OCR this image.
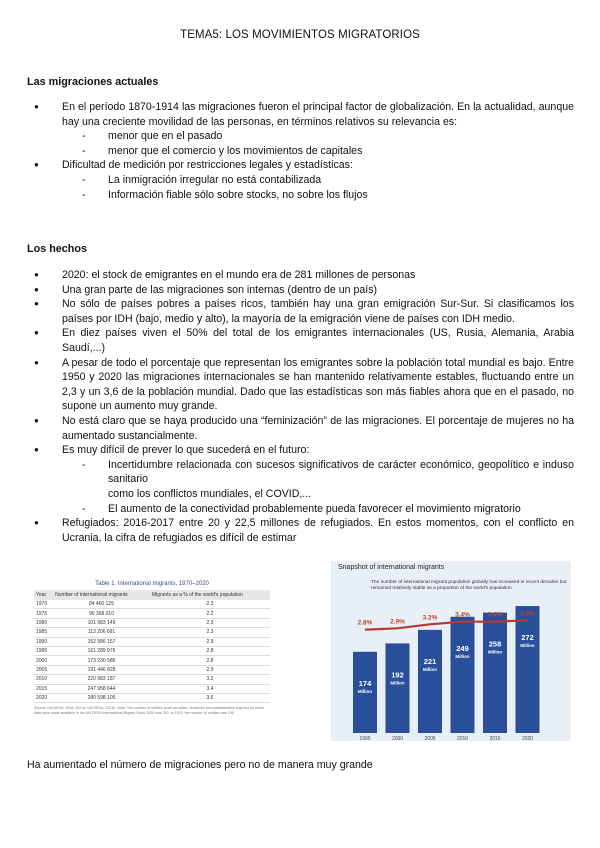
TEMA5: LOS MOVIMIENTOS MIGRATORIOS
Las migraciones actuales
● En el período 1870-1914 las migraciones fueron el principal factor de globalización. En la actualidad, aunque hay una creciente movilidad de las personas, en términos relativos su relevancia es:
- menor que en el pasado
- menor que el comercio y los movimientos de capitales
● Dificultad de medición por restricciones legales y estadísticas:
- La inmigración irregular no está contabilizada
- Información fiable sólo sobre stocks, no sobre los flujos
Los hechos
● 2020: el stock de emigrantes en el mundo era de 281 millones de personas
● Una gran parte de las migraciones son internas (dentro de un país)
● No sólo de países pobres a países ricos, también hay una gran emigración Sur-Sur. Si clasificamos los países por IDH (bajo, medio y alto), la mayoría de la emigración viene de países con IDH medio.
● En diez países viven el 50% del total de los emigrantes internacionales (US, Rusia, Alemania, Arabia Saudí,...)
● A pesar de todo el porcentaje que representan los emigrantes sobre la población total mundial es bajo. Entre 1950 y 2020 las migraciones internacionales se han mantenido relativamente estables, fluctuando entre un 2,3 y un 3,6 de la población mundial. Dado que las estadísticas son más fiables ahora que en el pasado, no supone un aumento muy grande.
● No está claro que se haya producido una “feminización” de las migraciones. El porcentaje de mujeres no ha aumentado sustancialmente.
● Es muy difícil de prever lo que sucederá en el futuro:
- Incertidumbre relacionada con sucesos significativos de carácter económico, geopolítico e induso sanitario
como los conflictos mundiales, el COVID,...
- El aumento de la conectividad probablemente pueda favorecer el movimiento migratorio
● Refugiados: 2016-2017 entre 20 y 22,5 millones de refugiados. En estos momentos, con el conflicto en Ucrania, la cifra de refugiados es difícil de estimar
Table 1. International migrants, 1970–2020
Year	Number of international migrants	Migrants as a % of the world's population
1970	84 460 125	2.3
1975	90 368 010	2.2
1980	101 983 149	2.3
1985	113 206 691	2.3
1990	152 986 157	2.9
1995	161 289 976	2.8
2000	173 230 585	2.8
2005	191 446 828	2.9
2010	220 983 187	3.2
2015	247 958 644	3.4
2020	280 598 105	3.6
Source: UN DESA, 2008, 2021a; UN DESA, 2021b. Note: The number of entities (such as states, territories and administrative regions) for which data were made available in the UN DESA International Migrant Stock 2020 was 232. In 1970, the number of entities was 135.
Snapshot of international migrants
The number of international migrant population globally has increased in recent decades but remained relatively stable as a proportion of the world's population
174
Million
1995
192
Million
2000
221
Million
2005
249
Million
2010
258
Million
2015
272
Million
2020
2.8%	2.9%
3.2%	3.4%	3.4%	3.5%
Ha aumentado el número de migraciones pero no de manera muy grande
